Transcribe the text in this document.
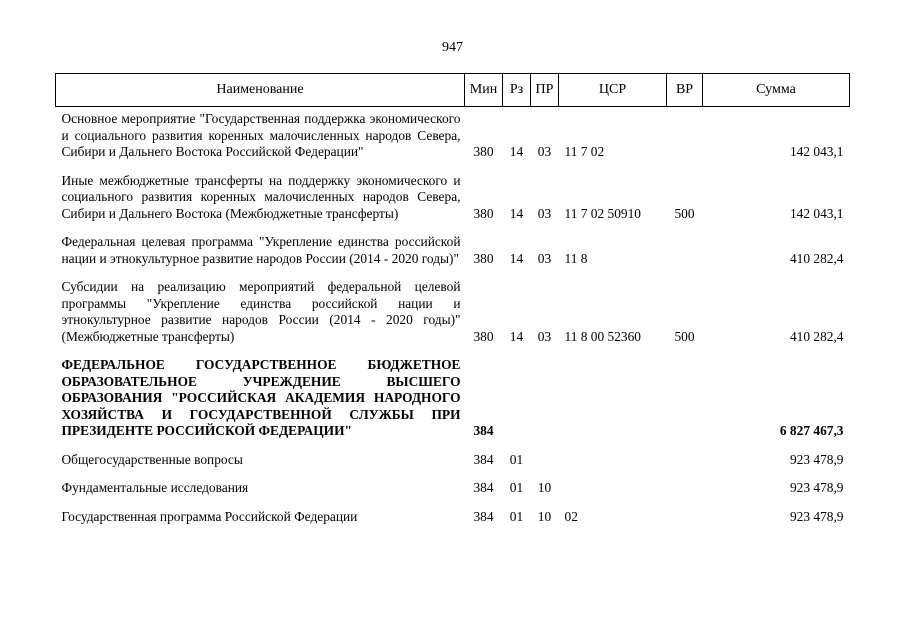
947
Наименование	Мин	Рз	ПР	ЦСР	ВР	Сумма
Основное мероприятие "Государственная поддержка экономического и социального развития коренных малочисленных народов Севера, Сибири и Дальнего Востока Российской Федерации"	380	14	03	11 7 02		142 043,1
Иные межбюджетные трансферты на поддержку экономического и социального развития коренных малочисленных народов Севера, Сибири и Дальнего Востока (Межбюджетные трансферты)	380	14	03	11 7 02 50910	500	142 043,1
Федеральная целевая программа "Укрепление единства российской нации и этнокультурное развитие народов России (2014 - 2020 годы)"	380	14	03	11 8		410 282,4
Субсидии на реализацию мероприятий федеральной целевой программы "Укрепление единства российской нации и этнокультурное развитие народов России (2014 - 2020 годы)" (Межбюджетные трансферты)	380	14	03	11 8 00 52360	500	410 282,4
ФЕДЕРАЛЬНОЕ ГОСУДАРСТВЕННОЕ БЮДЖЕТНОЕ ОБРАЗОВАТЕЛЬНОЕ УЧРЕЖДЕНИЕ ВЫСШЕГО ОБРАЗОВАНИЯ "РОССИЙСКАЯ АКАДЕМИЯ НАРОДНОГО ХОЗЯЙСТВА И ГОСУДАРСТВЕННОЙ СЛУЖБЫ ПРИ ПРЕЗИДЕНТЕ РОССИЙСКОЙ ФЕДЕРАЦИИ"	384					6 827 467,3
Общегосударственные вопросы	384	01				923 478,9
Фундаментальные исследования	384	01	10			923 478,9
Государственная программа Российской Федерации	384	01	10	02		923 478,9
